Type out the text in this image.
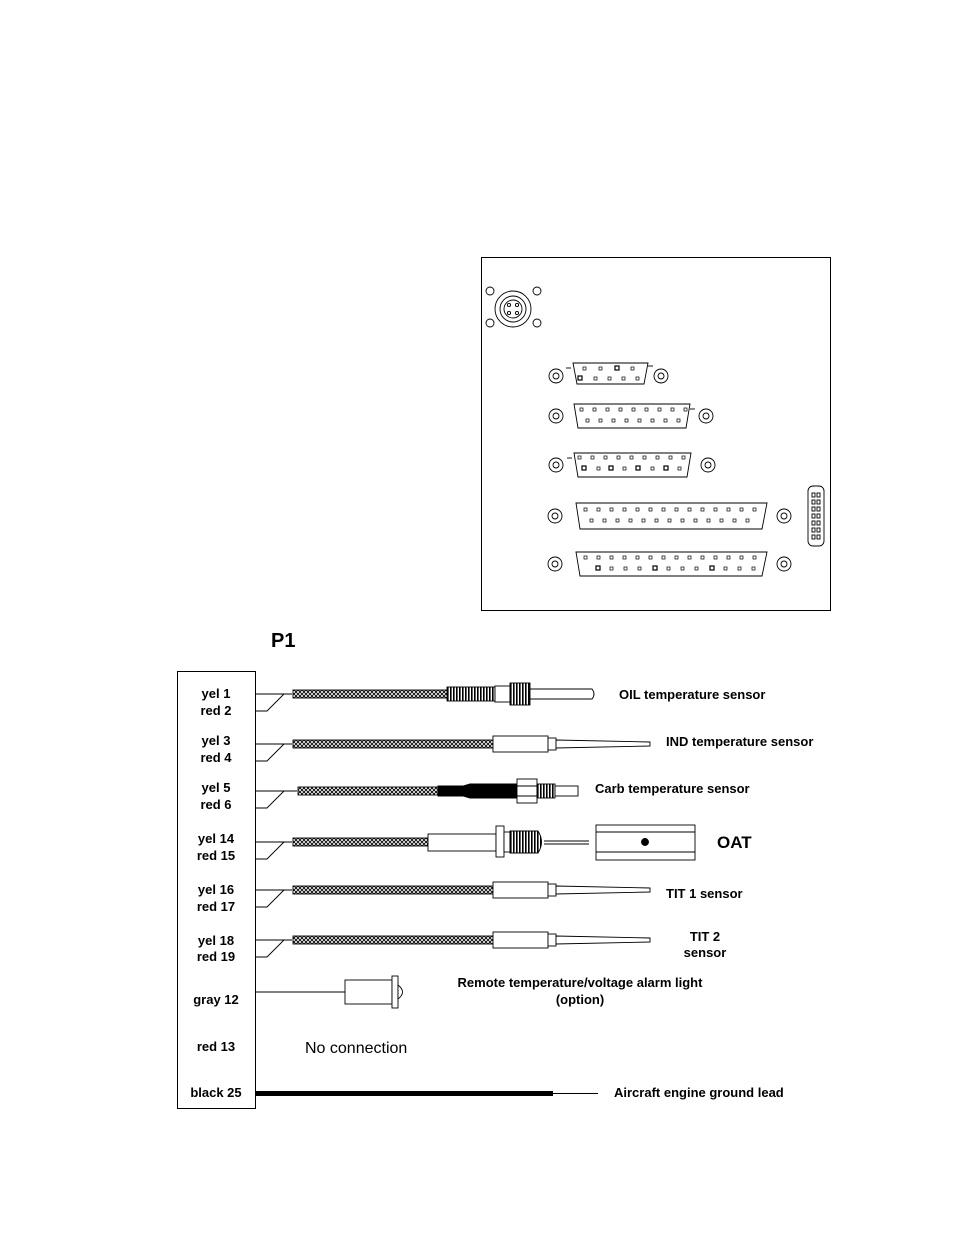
P1
yel 1
red 2
yel 3
red 4
yel 5
red 6
yel 14
red 15
yel 16
red 17
yel 18
red 19
gray 12
red 13
black 25
OIL temperature sensor
IND temperature sensor
Carb temperature sensor
OAT
TIT 1 sensor
TIT 2
sensor
Remote temperature/voltage alarm light
(option)
No connection
Aircraft engine ground lead
